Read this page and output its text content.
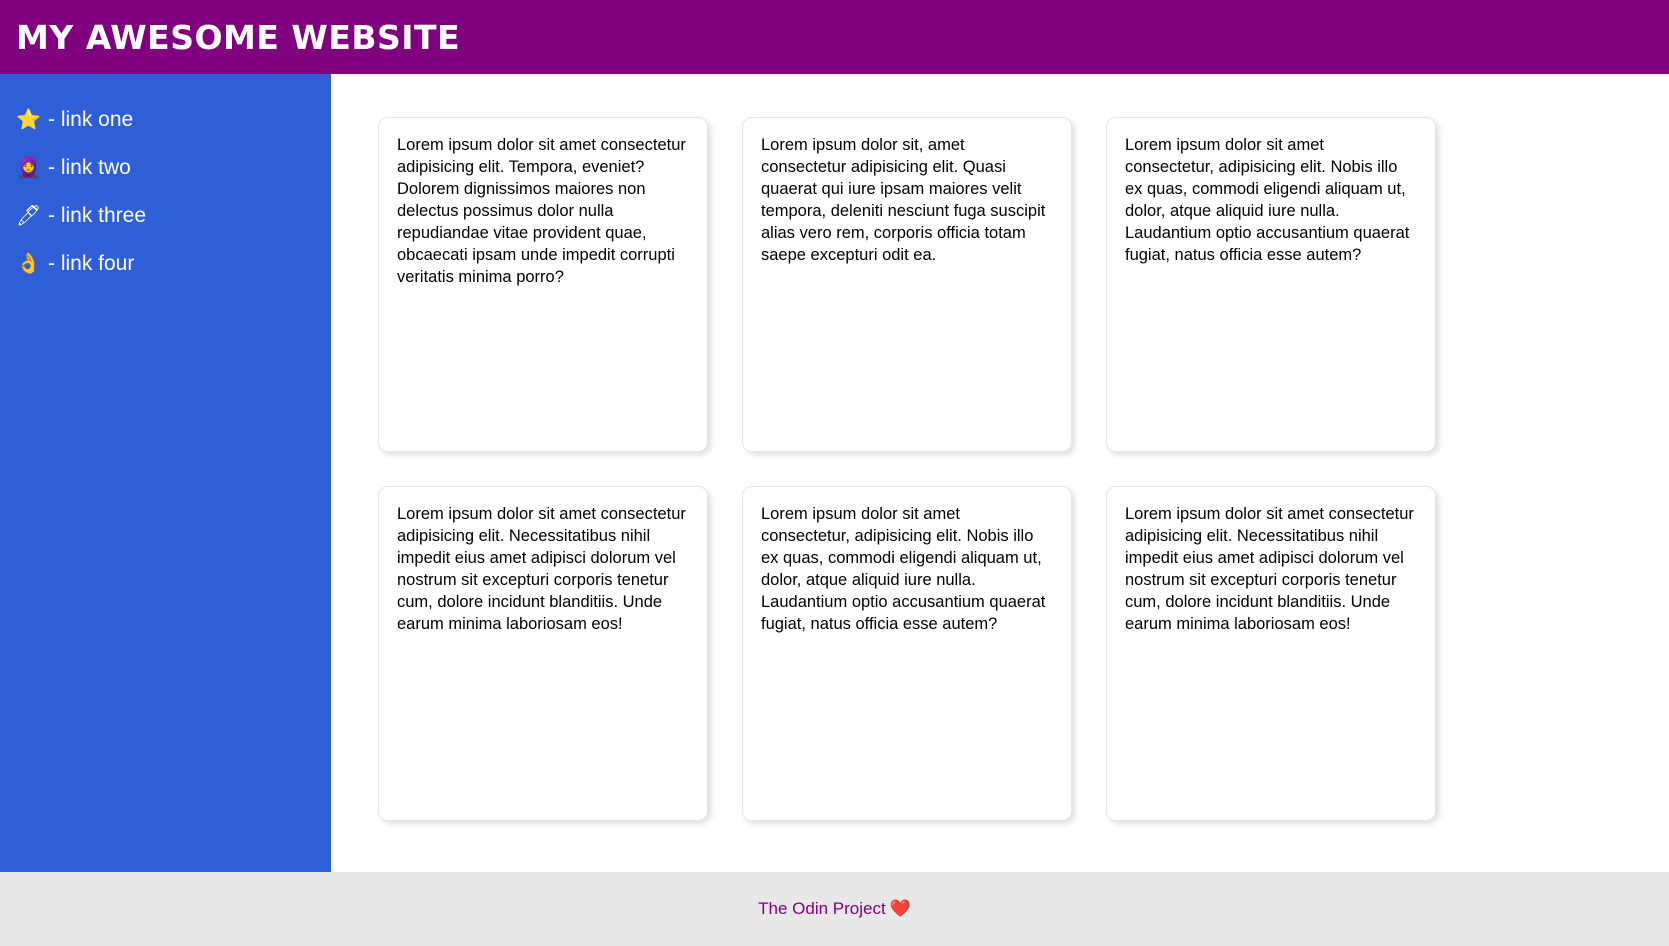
MY AWESOME WEBSITE
⭐ - link one
🧕 - link two
🖊 - link three
👌 - link four

Lorem ipsum dolor sit amet consectetur adipisicing elit. Tempora, eveniet? Dolorem dignissimos maiores non delectus possimus dolor nulla repudiandae vitae provident quae, obcaecati ipsam unde impedit corrupti veritatis minima porro?

Lorem ipsum dolor sit, amet consectetur adipisicing elit. Quasi quaerat qui iure ipsam maiores velit tempora, deleniti nesciunt fuga suscipit alias vero rem, corporis officia totam saepe excepturi odit ea.

Lorem ipsum dolor sit amet consectetur, adipisicing elit. Nobis illo ex quas, commodi eligendi aliquam ut, dolor, atque aliquid iure nulla. Laudantium optio accusantium quaerat fugiat, natus officia esse autem?

Lorem ipsum dolor sit amet consectetur adipisicing elit. Necessitatibus nihil impedit eius amet adipisci dolorum vel nostrum sit excepturi corporis tenetur cum, dolore incidunt blanditiis. Unde earum minima laboriosam eos!

Lorem ipsum dolor sit amet consectetur, adipisicing elit. Nobis illo ex quas, commodi eligendi aliquam ut, dolor, atque aliquid iure nulla. Laudantium optio accusantium quaerat fugiat, natus officia esse autem?

Lorem ipsum dolor sit amet consectetur adipisicing elit. Necessitatibus nihil impedit eius amet adipisci dolorum vel nostrum sit excepturi corporis tenetur cum, dolore incidunt blanditiis. Unde earum minima laboriosam eos!

The Odin Project ❤️
